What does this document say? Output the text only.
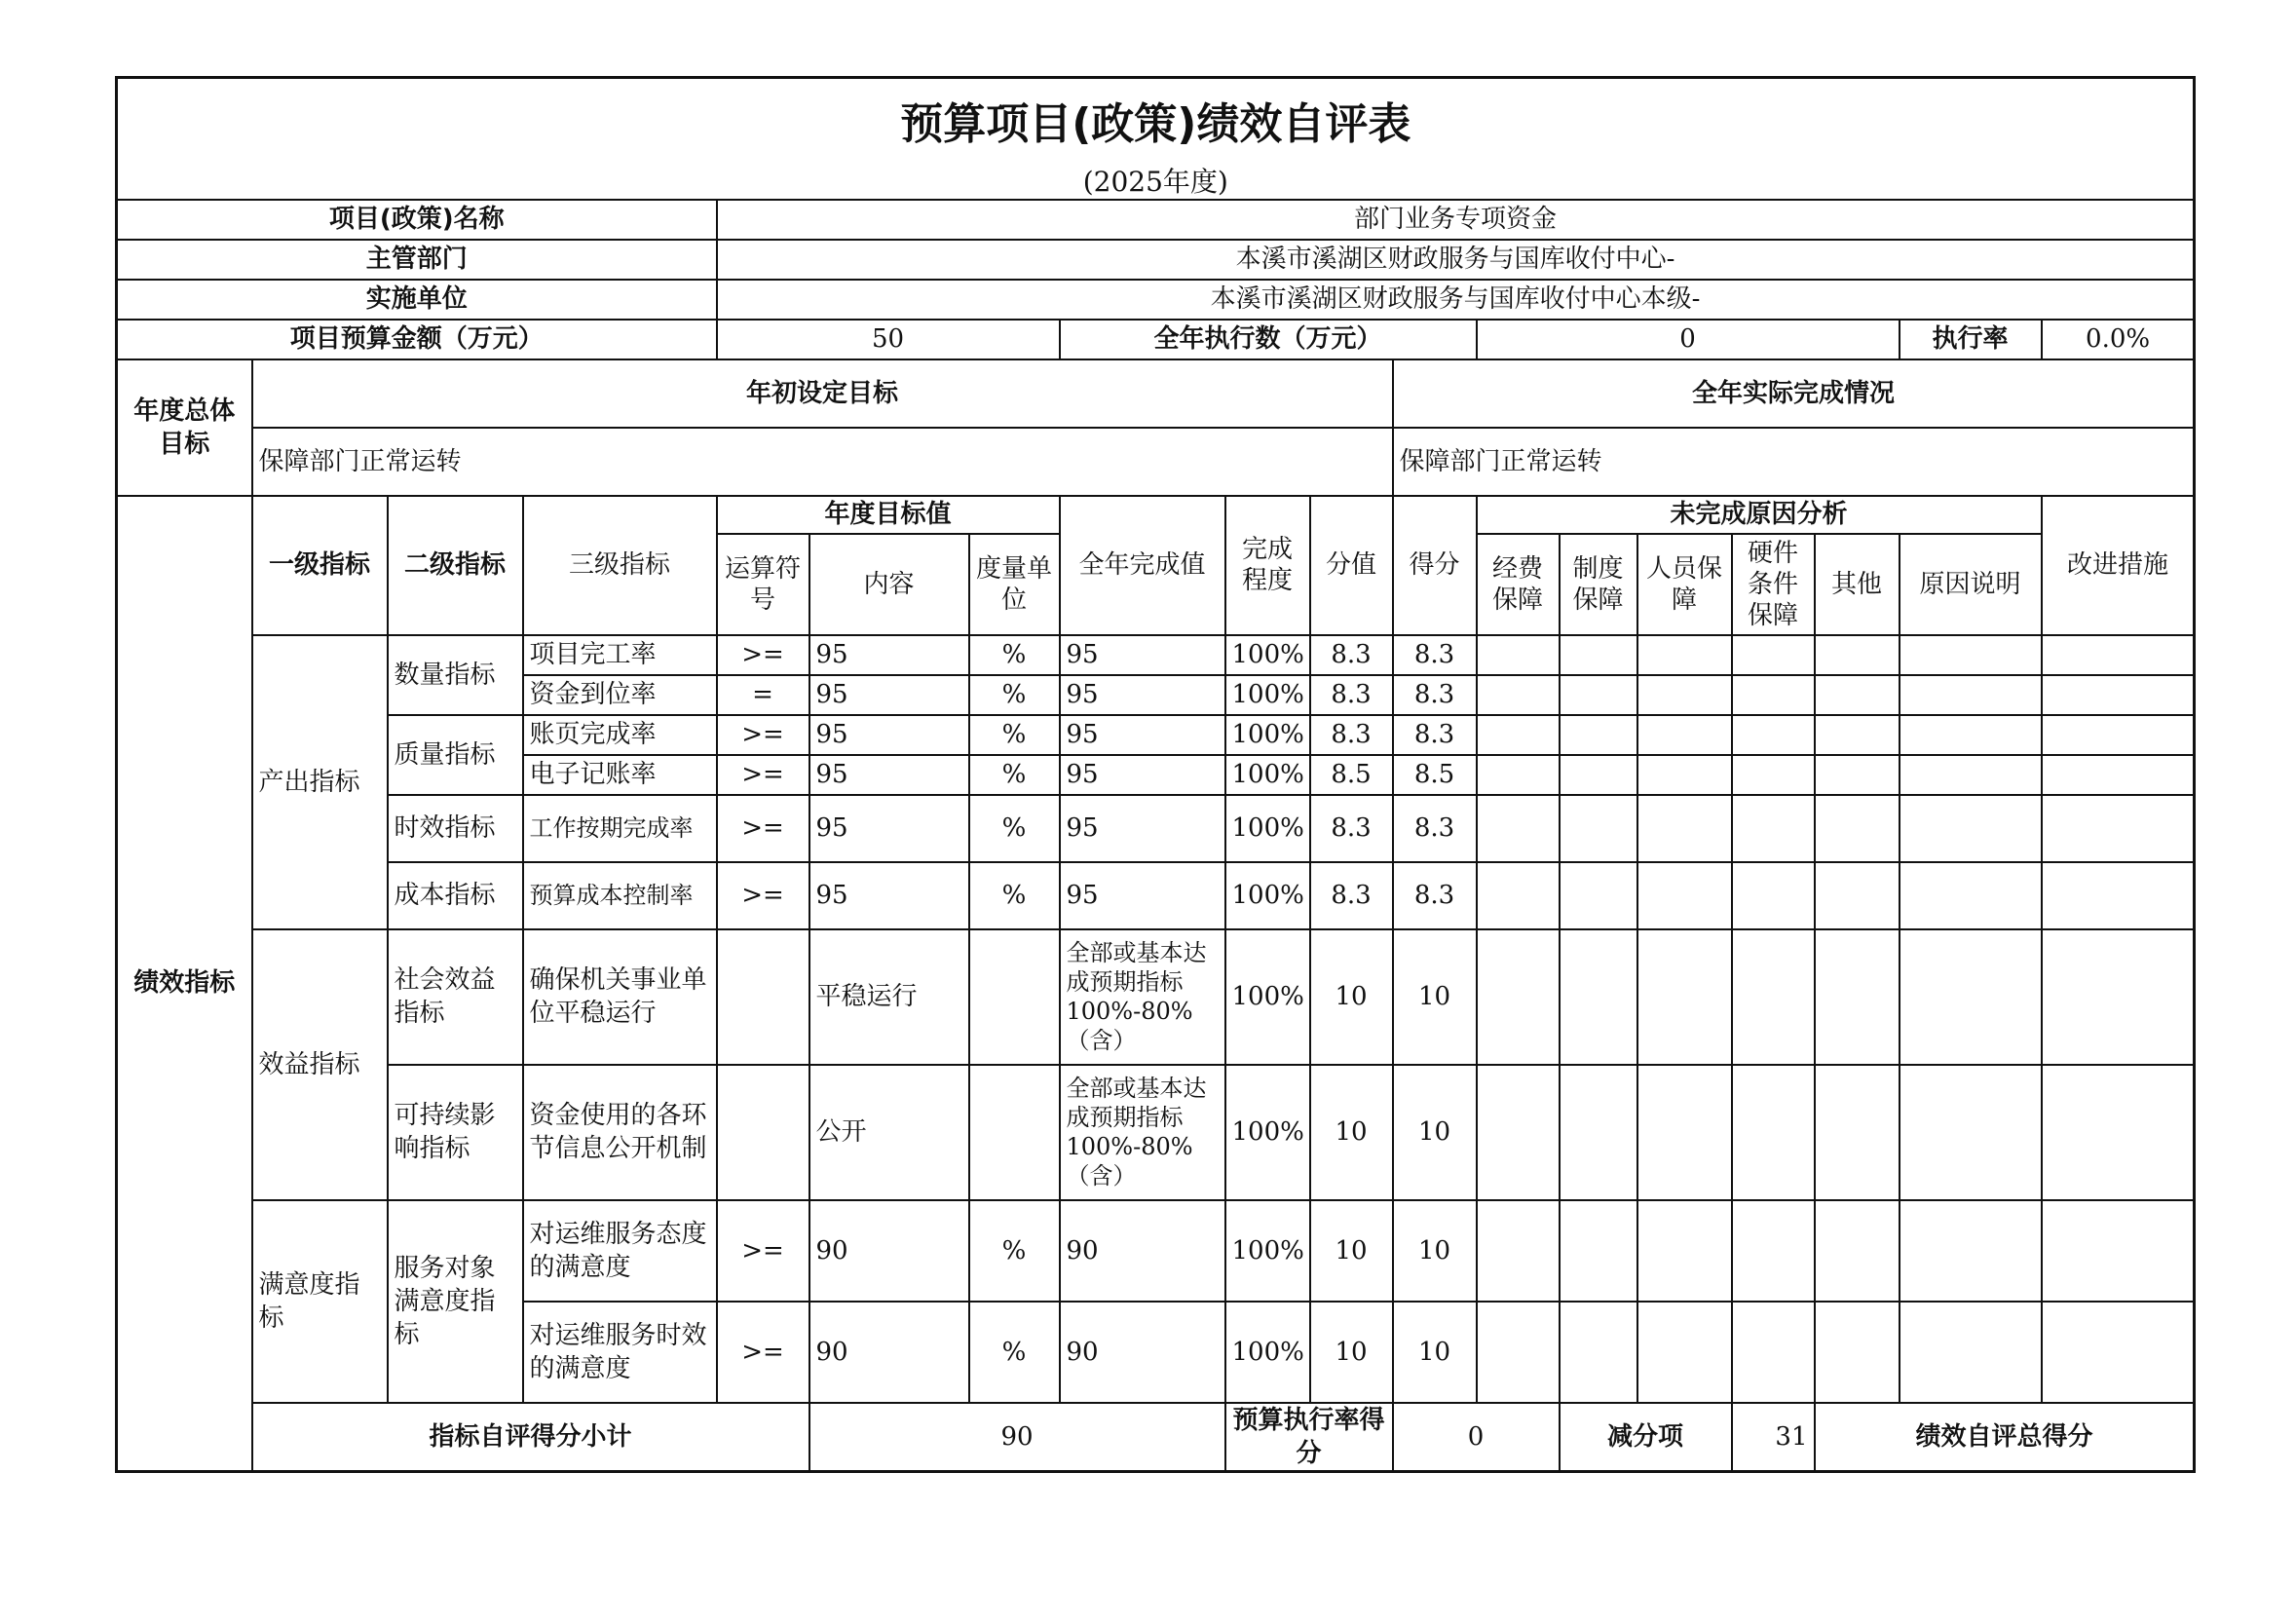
预算项目(政策)绩效自评表																		
(2025年度)																		
项目(政策)名称				部门业务专项资金														
主管部门				本溪市溪湖区财政服务与国库收付中心-														
实施单位				本溪市溪湖区财政服务与国库收付中心本级-														
项目预算金额（万元）				50			全年执行数（万元）				0					执行率	0.0%	
年度总体目标	年初设定目标									全年实际完成情况								
	保障部门正常运转									保障部门正常运转								
绩效指标	一级指标	二级指标	三级指标	年度目标值			全年完成值	完成程度	分值	得分	未完成原因分析						改进措施	
				运算符号	内容	度量单位					经费保障	制度保障	人员保障	硬件条件保障	其他	原因说明		
	产出指标	数量指标	项目完工率	>=	95	%	95	100%	8.3	8.3								
			资金到位率	=	95	%	95	100%	8.3	8.3								
		质量指标	账页完成率	>=	95	%	95	100%	8.3	8.3								
			电子记账率	>=	95	%	95	100%	8.5	8.5								
		时效指标	工作按期完成率	>=	95	%	95	100%	8.3	8.3								
		成本指标	预算成本控制率	>=	95	%	95	100%	8.3	8.3								
	效益指标	社会效益指标	确保机关事业单位平稳运行		平稳运行		全部或基本达成预期指标100%-80%（含）	100%	10	10								
		可持续影响指标	资金使用的各环节信息公开机制		公开		全部或基本达成预期指标100%-80%（含）	100%	10	10								
	满意度指标	服务对象满意度指标	对运维服务态度的满意度	>=	90	%	90	100%	10	10								
			对运维服务时效的满意度	>=	90	%	90	100%	10	10								
	指标自评得分小计				90			预算执行率得分		0		减分项		31	绩效自评总得分	
